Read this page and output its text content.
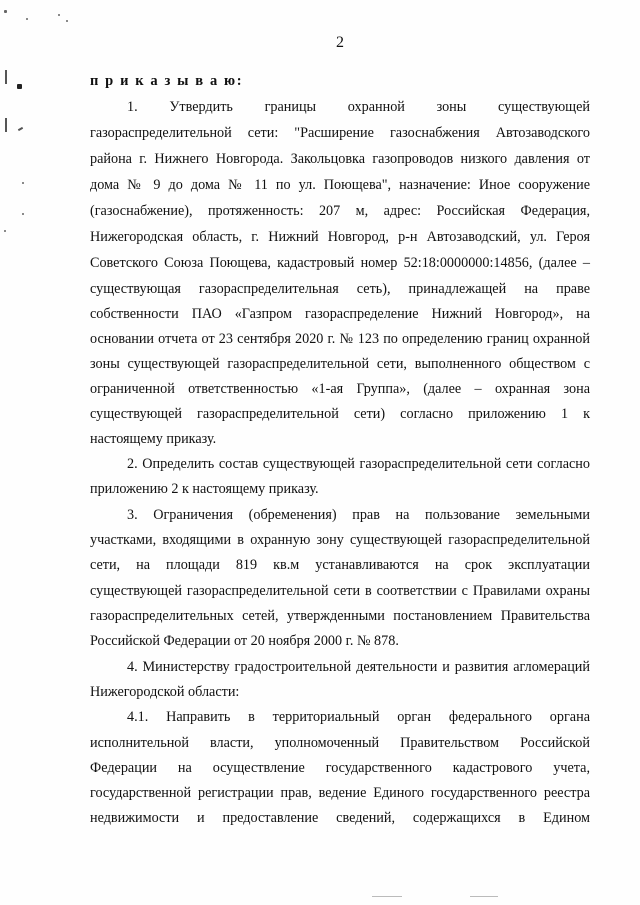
2
п р и к а з ы в а ю:
1. Утвердить границы охранной зоны существующей
газораспределительной сети: "Расширение газоснабжения Автозаводского
района г. Нижнего Новгорода. Закольцовка газопроводов низкого давления от
дома № 9 до дома № 11 по ул. Поющева", назначение: Иное сооружение
(газоснабжение), протяженность: 207 м, адрес: Российская Федерация,
Нижегородская область, г. Нижний Новгород, р-н Автозаводский, ул. Героя
Советского Союза Поющева, кадастровый номер 52:18:0000000:14856, (далее –
существующая газораспределительная сеть), принадлежащей на праве
собственности ПАО «Газпром газораспределение Нижний Новгород», на
основании отчета от 23 сентября 2020 г. № 123 по определению границ охранной
зоны существующей газораспределительной сети, выполненного обществом с
ограниченной ответственностью «1-ая Группа», (далее – охранная зона
существующей газораспределительной сети) согласно приложению 1 к
настоящему приказу.
2. Определить состав существующей газораспределительной сети согласно
приложению 2 к настоящему приказу.
3. Ограничения (обременения) прав на пользование земельными
участками, входящими в охранную зону существующей газораспределительной
сети, на площади 819 кв.м устанавливаются на срок эксплуатации
существующей газораспределительной сети в соответствии с Правилами охраны
газораспределительных сетей, утвержденными постановлением Правительства
Российской Федерации от 20 ноября 2000 г. № 878.
4. Министерству градостроительной деятельности и развития агломераций
Нижегородской области:
4.1. Направить в территориальный орган федерального органа
исполнительной власти, уполномоченный Правительством Российской
Федерации на осуществление государственного кадастрового учета,
государственной регистрации прав, ведение Единого государственного реестра
недвижимости и предоставление сведений, содержащихся в Едином
